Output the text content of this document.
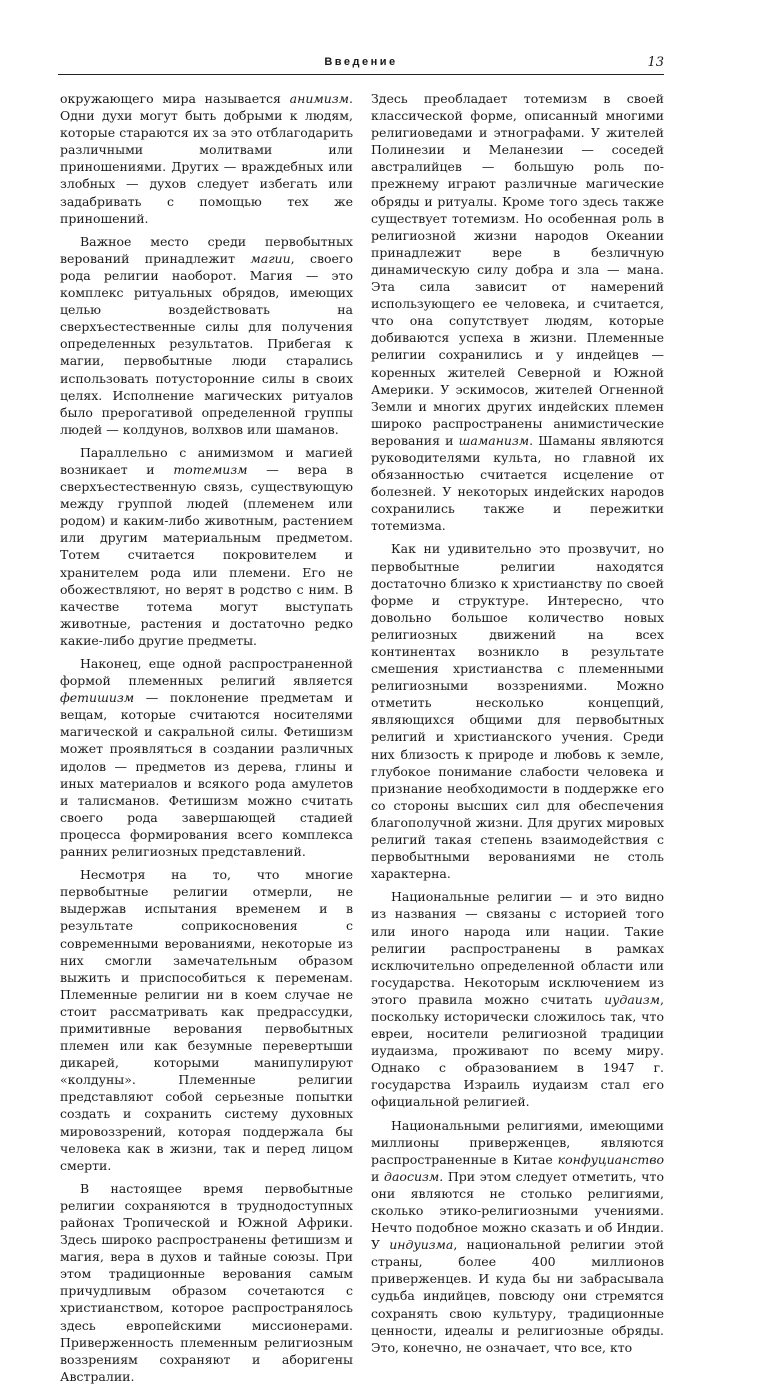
Введение	13

окружающего мира называется анимизм. Одни духи могут быть добрыми к людям, которые стараются их за это отблагодарить различными молитвами или приношениями. Других — враждебных или злобных — духов следует избегать или задабривать с помощью тех же приношений.

Важное место среди первобытных верований принадлежит магии, своего рода религии наоборот. Магия — это комплекс ритуальных обрядов, имеющих целью воздействовать на сверхъестественные силы для получения определенных результатов. Прибегая к магии, первобытные люди старались использовать потусторонние силы в своих целях. Исполнение магических ритуалов было прерогативой определенной группы людей — колдунов, волхвов или шаманов.

Параллельно с анимизмом и магией возникает и тотемизм — вера в сверхъестественную связь, существующую между группой людей (племенем или родом) и каким-либо животным, растением или другим материальным предметом. Тотем считается покровителем и хранителем рода или племени. Его не обожествляют, но верят в родство с ним. В качестве тотема могут выступать животные, растения и достаточно редко какие-либо другие предметы.

Наконец, еще одной распространенной формой племенных религий является фетишизм — поклонение предметам и вещам, которые считаются носителями магической и сакральной силы. Фетишизм может проявляться в создании различных идолов — предметов из дерева, глины и иных материалов и всякого рода амулетов и талисманов. Фетишизм можно считать своего рода завершающей стадией процесса формирования всего комплекса ранних религиозных представлений.

Несмотря на то, что многие первобытные религии отмерли, не выдержав испытания временем и в результате соприкосновения с современными верованиями, некоторые из них смогли замечательным образом выжить и приспособиться к переменам. Племенные религии ни в коем случае не стоит рассматривать как предрассудки, примитивные верования первобытных племен или как безумные перевертыши дикарей, которыми манипулируют «колдуны». Племенные религии представляют собой серьезные попытки создать и сохранить систему духовных мировоззрений, которая поддержала бы человека как в жизни, так и перед лицом смерти.

В настоящее время первобытные религии сохраняются в труднодоступных районах Тропической и Южной Африки. Здесь широко распространены фетишизм и магия, вера в духов и тайные союзы. При этом традиционные верования самым причудливым образом сочетаются с христианством, которое распространялось здесь европейскими миссионерами. Приверженность племенным религиозным воззрениям сохраняют и аборигены Австралии.

Здесь преобладает тотемизм в своей классической форме, описанный многими религиоведами и этнографами. У жителей Полинезии и Меланезии — соседей австралийцев — большую роль по-прежнему играют различные магические обряды и ритуалы. Кроме того здесь также существует тотемизм. Но особенная роль в религиозной жизни народов Океании принадлежит вере в безличную динамическую силу добра и зла — мана. Эта сила зависит от намерений использующего ее человека, и считается, что она сопутствует людям, которые добиваются успеха в жизни. Племенные религии сохранились и у индейцев — коренных жителей Северной и Южной Америки. У эскимосов, жителей Огненной Земли и многих других индейских племен широко распространены анимистические верования и шаманизм. Шаманы являются руководителями культа, но главной их обязанностью считается исцеление от болезней. У некоторых индейских народов сохранились также и пережитки тотемизма.

Как ни удивительно это прозвучит, но первобытные религии находятся достаточно близко к христианству по своей форме и структуре. Интересно, что довольно большое количество новых религиозных движений на всех континентах возникло в результате смешения христианства с племенными религиозными воззрениями. Можно отметить несколько концепций, являющихся общими для первобытных религий и христианского учения. Среди них близость к природе и любовь к земле, глубокое понимание слабости человека и признание необходимости в поддержке его со стороны высших сил для обеспечения благополучной жизни. Для других мировых религий такая степень взаимодействия с первобытными верованиями не столь характерна.

Национальные религии — и это видно из названия — связаны с историей того или иного народа или нации. Такие религии распространены в рамках исключительно определенной области или государства. Некоторым исключением из этого правила можно считать иудаизм, поскольку исторически сложилось так, что евреи, носители религиозной традиции иудаизма, проживают по всему миру. Однако с образованием в 1947 г. государства Израиль иудаизм стал его официальной религией.

Национальными религиями, имеющими миллионы приверженцев, являются распространенные в Китае конфуцианство и даосизм. При этом следует отметить, что они являются не столько религиями, сколько этико-религиозными учениями. Нечто подобное можно сказать и об Индии. У индуизма, национальной религии этой страны, более 400 миллионов приверженцев. И куда бы ни забрасывала судьба индийцев, повсюду они стремятся сохранять свою культуру, традиционные ценности, идеалы и религиозные обряды. Это, конечно, не означает, что все, кто
